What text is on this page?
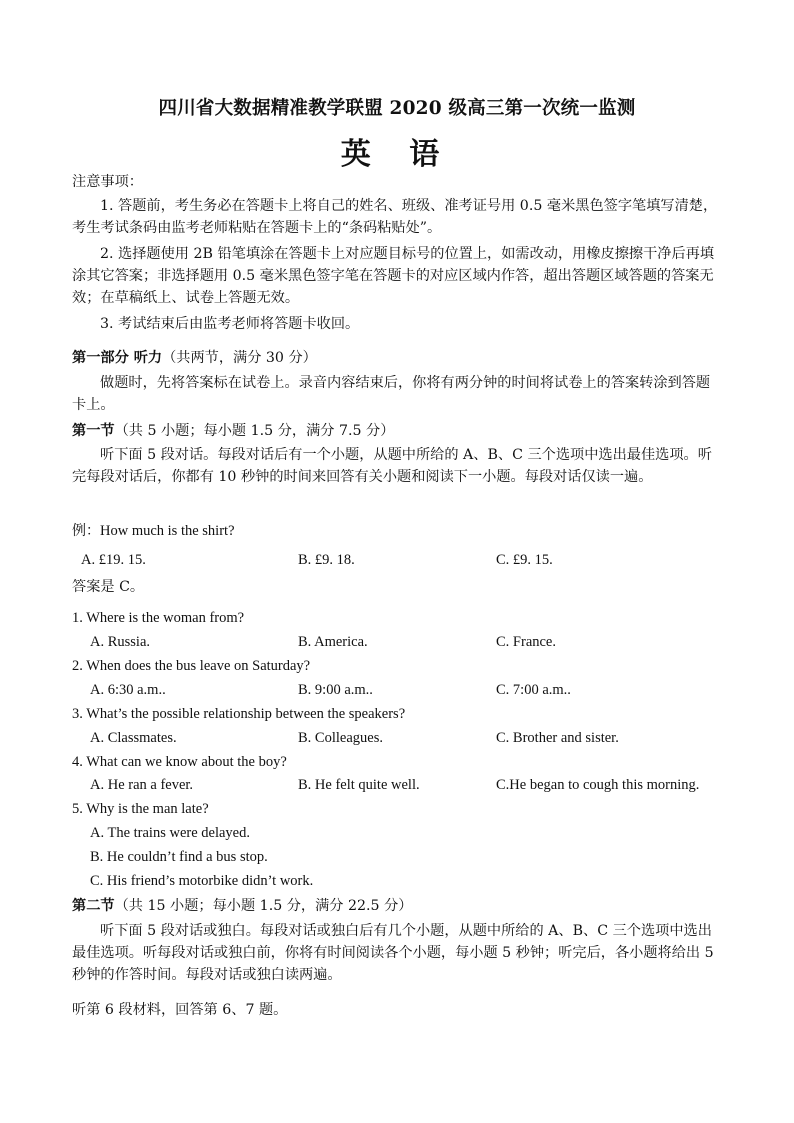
四川省大数据精准教学联盟 2020 级高三第一次统一监测
英 语
注意事项：
1. 答题前，考生务必在答题卡上将自己的姓名、班级、准考证号用 0.5 毫米黑色签字笔填写清楚，考生考试条码由监考老师粘贴在答题卡上的“条码粘贴处”。
2. 选择题使用 2B 铅笔填涂在答题卡上对应题目标号的位置上，如需改动，用橡皮擦擦干净后再填涂其它答案；非选择题用 0.5 毫米黑色签字笔在答题卡的对应区域内作答，超出答题区域答题的答案无效；在草稿纸上、试卷上答题无效。
3. 考试结束后由监考老师将答题卡收回。
第一部分 听力（共两节，满分 30 分）
做题时，先将答案标在试卷上。录音内容结束后，你将有两分钟的时间将试卷上的答案转涂到答题卡上。
第一节（共 5 小题；每小题 1.5 分，满分 7.5 分）
听下面 5 段对话。每段对话后有一个小题，从题中所给的 A、B、C 三个选项中选出最佳选项。听完每段对话后，你都有 10 秒钟的时间来回答有关小题和阅读下一小题。每段对话仅读一遍。
例：How much is the shirt?
A. £19. 15.	B. £9. 18.	C. £9. 15.
答案是 C。
1. Where is the woman from?
A. Russia.	B. America.	C. France.
2. When does the bus leave on Saturday?
A. 6:30 a.m..	B. 9:00 a.m..	C. 7:00 a.m..
3. What’s the possible relationship between the speakers?
A. Classmates.	B. Colleagues.	C. Brother and sister.
4. What can we know about the boy?
A. He ran a fever.	B. He felt quite well.	C.He began to cough this morning.
5. Why is the man late?
A. The trains were delayed.
B. He couldn’t find a bus stop.
C. His friend’s motorbike didn’t work.
第二节（共 15 小题；每小题 1.5 分，满分 22.5 分）
听下面 5 段对话或独白。每段对话或独白后有几个小题，从题中所给的 A、B、C 三个选项中选出最佳选项。听每段对话或独白前，你将有时间阅读各个小题，每小题 5 秒钟；听完后，各小题将给出 5 秒钟的作答时间。每段对话或独白读两遍。
听第 6 段材料，回答第 6、7 题。
